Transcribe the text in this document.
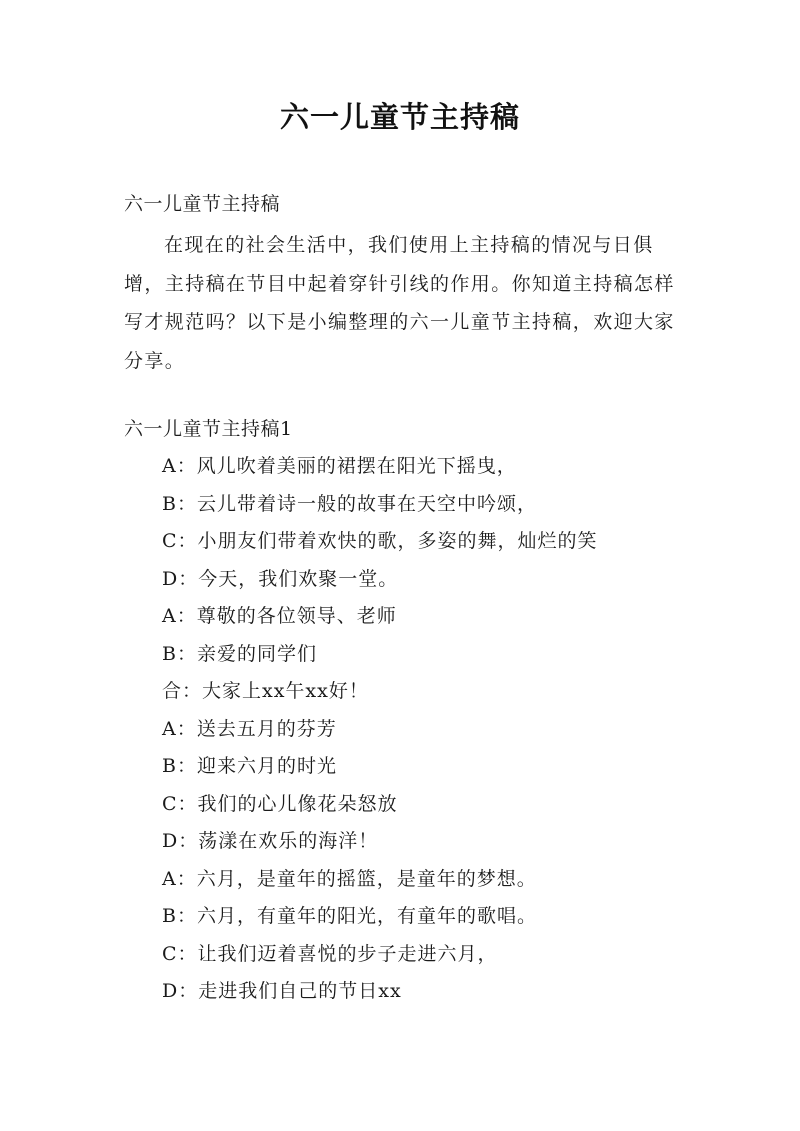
六一儿童节主持稿
六一儿童节主持稿

在现在的社会生活中，我们使用上主持稿的情况与日俱增，主持稿在节目中起着穿针引线的作用。你知道主持稿怎样写才规范吗？以下是小编整理的六一儿童节主持稿，欢迎大家分享。

六一儿童节主持稿1
A：风儿吹着美丽的裙摆在阳光下摇曳，
B：云儿带着诗一般的故事在天空中吟颂，
C：小朋友们带着欢快的歌，多姿的舞，灿烂的笑
D：今天，我们欢聚一堂。
A：尊敬的各位领导、老师
B：亲爱的同学们
合：大家上xx午xx好！
A：送去五月的芬芳
B：迎来六月的时光
C：我们的心儿像花朵怒放
D：荡漾在欢乐的海洋！
A：六月，是童年的摇篮，是童年的梦想。
B：六月，有童年的阳光，有童年的歌唱。
C：让我们迈着喜悦的步子走进六月，
D：走进我们自己的节日xx
